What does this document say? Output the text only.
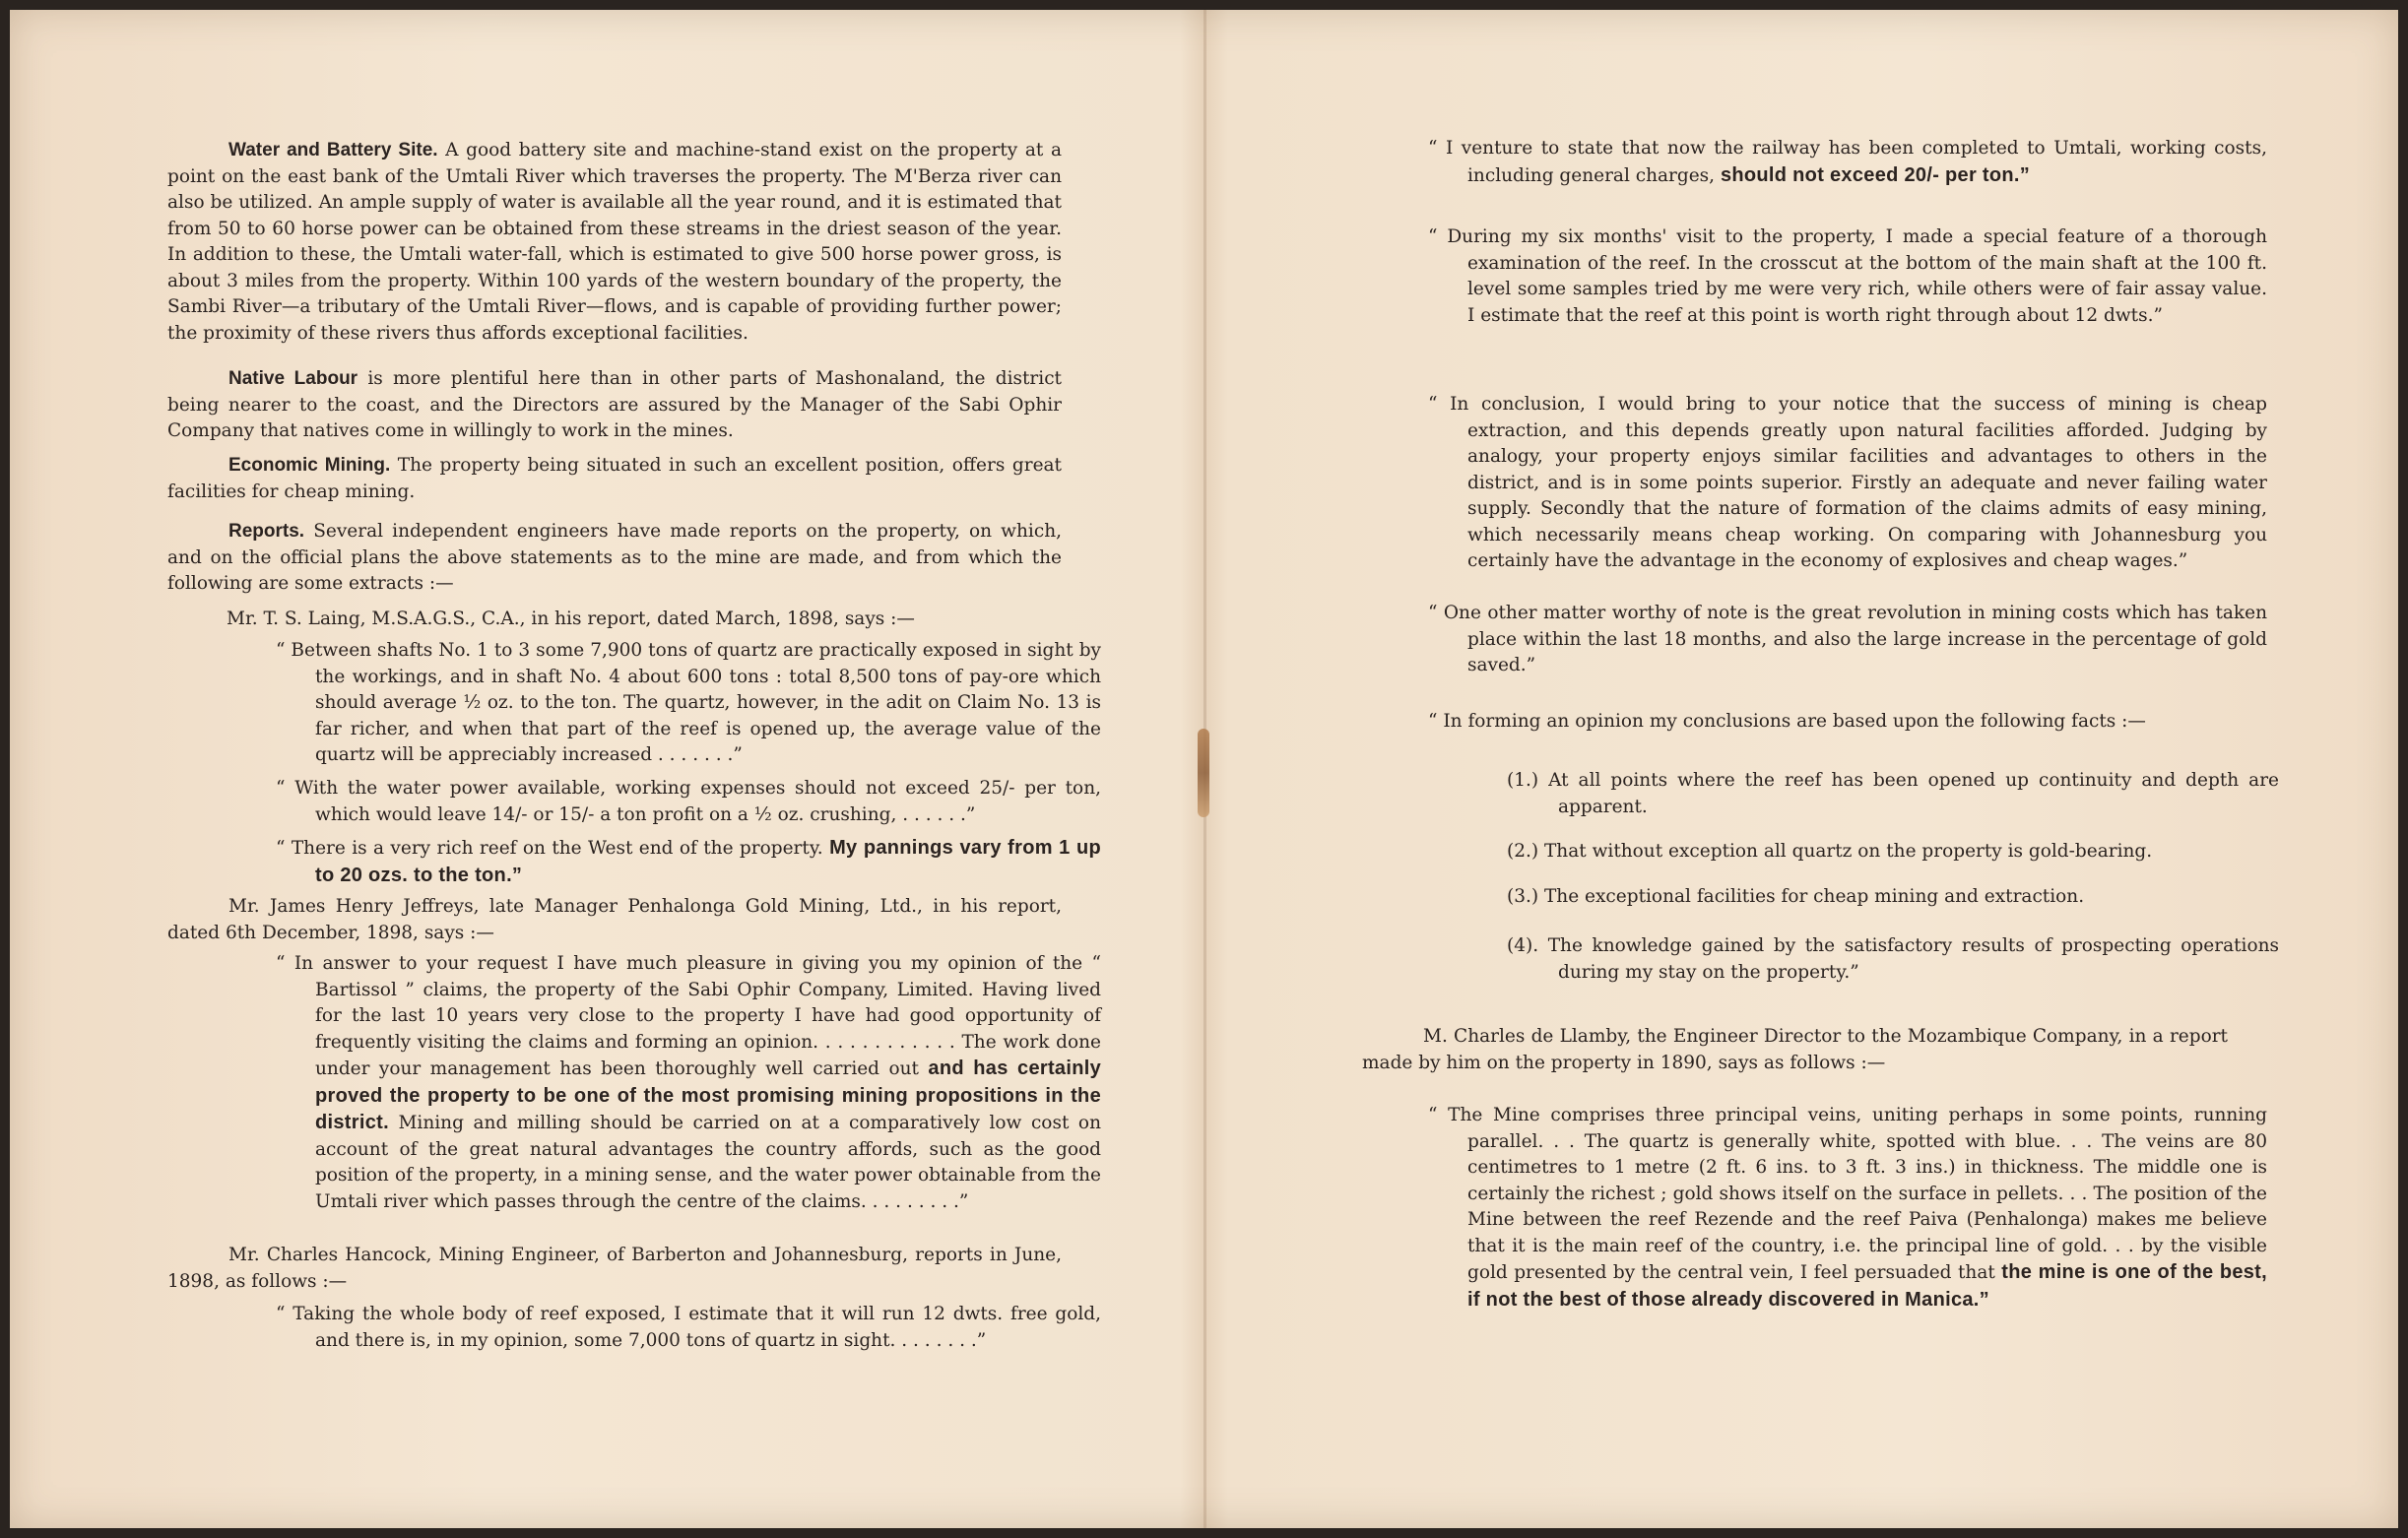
Water and Battery Site. A good battery site and machine-stand exist on the property at a point on the east bank of the Umtali River which traverses the property. The M'Berza river can also be utilized. An ample supply of water is available all the year round, and it is estimated that from 50 to 60 horse power can be obtained from these streams in the driest season of the year. In addition to these, the Umtali water-fall, which is estimated to give 500 horse power gross, is about 3 miles from the property. Within 100 yards of the western boundary of the property, the Sambi River—a tributary of the Umtali River—flows, and is capable of providing further power; the proximity of these rivers thus affords exceptional facilities.

Native Labour is more plentiful here than in other parts of Mashonaland, the district being nearer to the coast, and the Directors are assured by the Manager of the Sabi Ophir Company that natives come in willingly to work in the mines.

Economic Mining. The property being situated in such an excellent position, offers great facilities for cheap mining.

Reports. Several independent engineers have made reports on the property, on which, and on the official plans the above statements as to the mine are made, and from which the following are some extracts :—

Mr. T. S. Laing, M.S.A.G.S., C.A., in his report, dated March, 1898, says :—

“ Between shafts No. 1 to 3 some 7,900 tons of quartz are practically exposed in sight by the workings, and in shaft No. 4 about 600 tons : total 8,500 tons of pay-ore which should average ½ oz. to the ton. The quartz, however, in the adit on Claim No. 13 is far richer, and when that part of the reef is opened up, the average value of the quartz will be appreciably increased . . . . . . .”

“ With the water power available, working expenses should not exceed 25/- per ton, which would leave 14/- or 15/- a ton profit on a ½ oz. crushing, . . . . . .”

“ There is a very rich reef on the West end of the property. My pannings vary from 1 up to 20 ozs. to the ton.”

Mr. James Henry Jeffreys, late Manager Penhalonga Gold Mining, Ltd., in his report, dated 6th December, 1898, says :—

“ In answer to your request I have much pleasure in giving you my opinion of the “ Bartissol ” claims, the property of the Sabi Ophir Company, Limited. Having lived for the last 10 years very close to the property I have had good opportunity of frequently visiting the claims and forming an opinion. . . . . . . . . . . . The work done under your management has been thoroughly well carried out and has certainly proved the property to be one of the most promising mining propositions in the district. Mining and milling should be carried on at a comparatively low cost on account of the great natural advantages the country affords, such as the good position of the property, in a mining sense, and the water power obtainable from the Umtali river which passes through the centre of the claims. . . . . . . . .”

Mr. Charles Hancock, Mining Engineer, of Barberton and Johannesburg, reports in June, 1898, as follows :—

“ Taking the whole body of reef exposed, I estimate that it will run 12 dwts. free gold, and there is, in my opinion, some 7,000 tons of quartz in sight. . . . . . . .”

“ I venture to state that now the railway has been completed to Umtali, working costs, including general charges, should not exceed 20/- per ton.”

“ During my six months' visit to the property, I made a special feature of a thorough examination of the reef. In the crosscut at the bottom of the main shaft at the 100 ft. level some samples tried by me were very rich, while others were of fair assay value. I estimate that the reef at this point is worth right through about 12 dwts.”

“ In conclusion, I would bring to your notice that the success of mining is cheap extraction, and this depends greatly upon natural facilities afforded. Judging by analogy, your property enjoys similar facilities and advantages to others in the district, and is in some points superior. Firstly an adequate and never failing water supply. Secondly that the nature of formation of the claims admits of easy mining, which necessarily means cheap working. On comparing with Johannesburg you certainly have the advantage in the economy of explosives and cheap wages.”

“ One other matter worthy of note is the great revolution in mining costs which has taken place within the last 18 months, and also the large increase in the percentage of gold saved.”

“ In forming an opinion my conclusions are based upon the following facts :—

(1.) At all points where the reef has been opened up continuity and depth are apparent.

(2.) That without exception all quartz on the property is gold-bearing.

(3.) The exceptional facilities for cheap mining and extraction.

(4). The knowledge gained by the satisfactory results of prospecting operations during my stay on the property.”

M. Charles de Llamby, the Engineer Director to the Mozambique Company, in a report made by him on the property in 1890, says as follows :—

“ The Mine comprises three principal veins, uniting perhaps in some points, running parallel. . . The quartz is generally white, spotted with blue. . . The veins are 80 centimetres to 1 metre (2 ft. 6 ins. to 3 ft. 3 ins.) in thickness. The middle one is certainly the richest ; gold shows itself on the surface in pellets. . . The position of the Mine between the reef Rezende and the reef Paiva (Penhalonga) makes me believe that it is the main reef of the country, i.e. the principal line of gold. . . by the visible gold presented by the central vein, I feel persuaded that the mine is one of the best, if not the best of those already discovered in Manica.”
